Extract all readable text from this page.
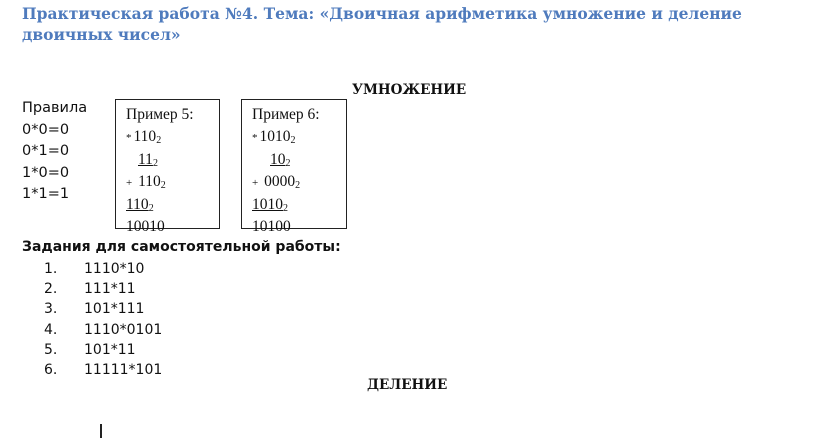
Практическая работа №4. Тема: «Двоичная арифметика умножение и деление двоичных чисел»
УМНОЖЕНИЕ
Правила
0*0=0
0*1=0
1*0=0
1*1=1
Пример 5:
* $110_2$
$11_2$
+ $110_2$
$110_2$
10010
Пример 6:
* $1010_2$
$10_2$
+ $0000_2$
$1010_2$
10100
Задания для самостоятельной работы:
1.	1110*10
2.	111*11
3.	101*111
4.	1110*0101
5.	101*11
6.	11111*101
ДЕЛЕНИЕ
